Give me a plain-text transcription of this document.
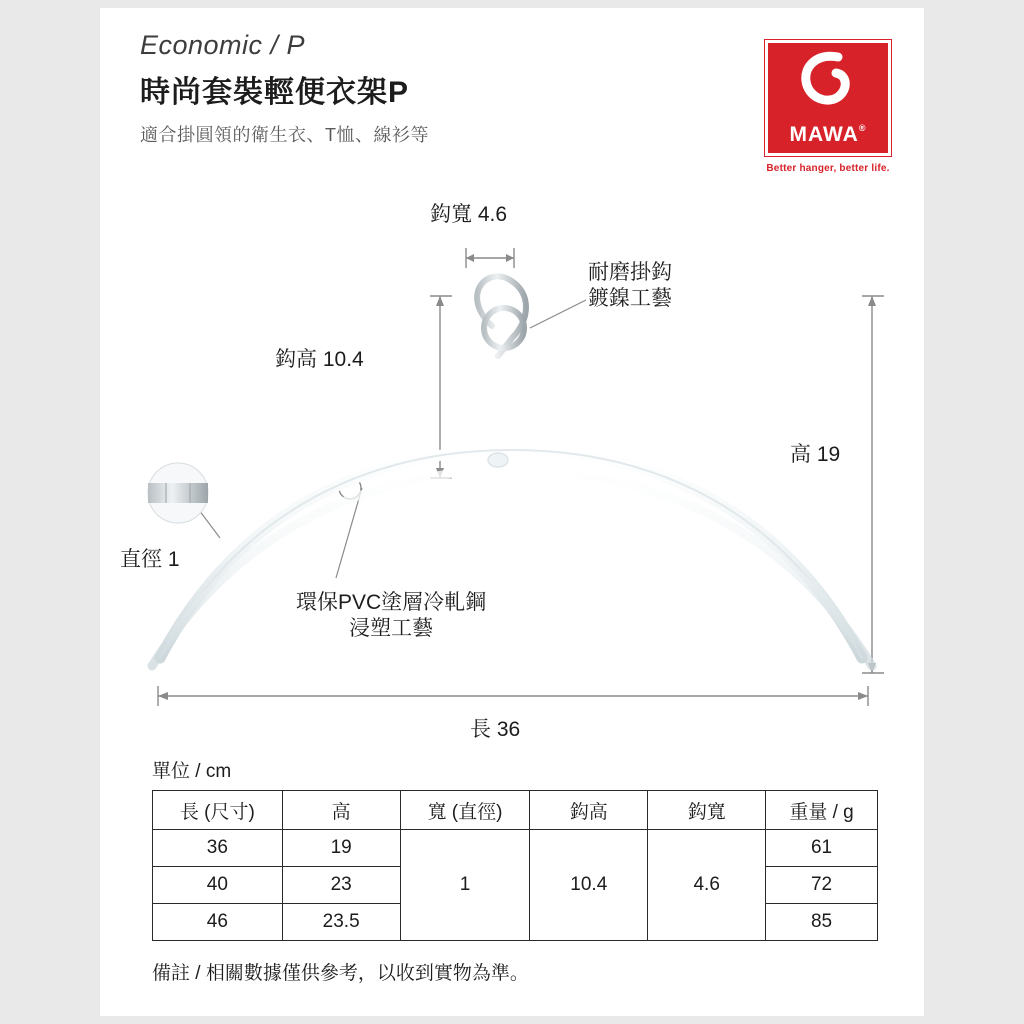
Economic / P
時尚套裝輕便衣架P
適合掛圓領的衛生衣、T恤、線衫等	MAWA®
Better hanger, better life.
鈎寬 4.6
鈎高 10.4
高 19
長 36
直徑 1
耐磨掛鈎
鍍鎳工藝
環保PVC塗層冷軋鋼
浸塑工藝
單位 / cm
長 (尺寸)	高	寬 (直徑)	鈎高	鈎寬	重量 / g
36	19	1	10.4	4.6	61
40	23				72
46	23.5				85
備註 / 相關數據僅供參考，以收到實物為準。
